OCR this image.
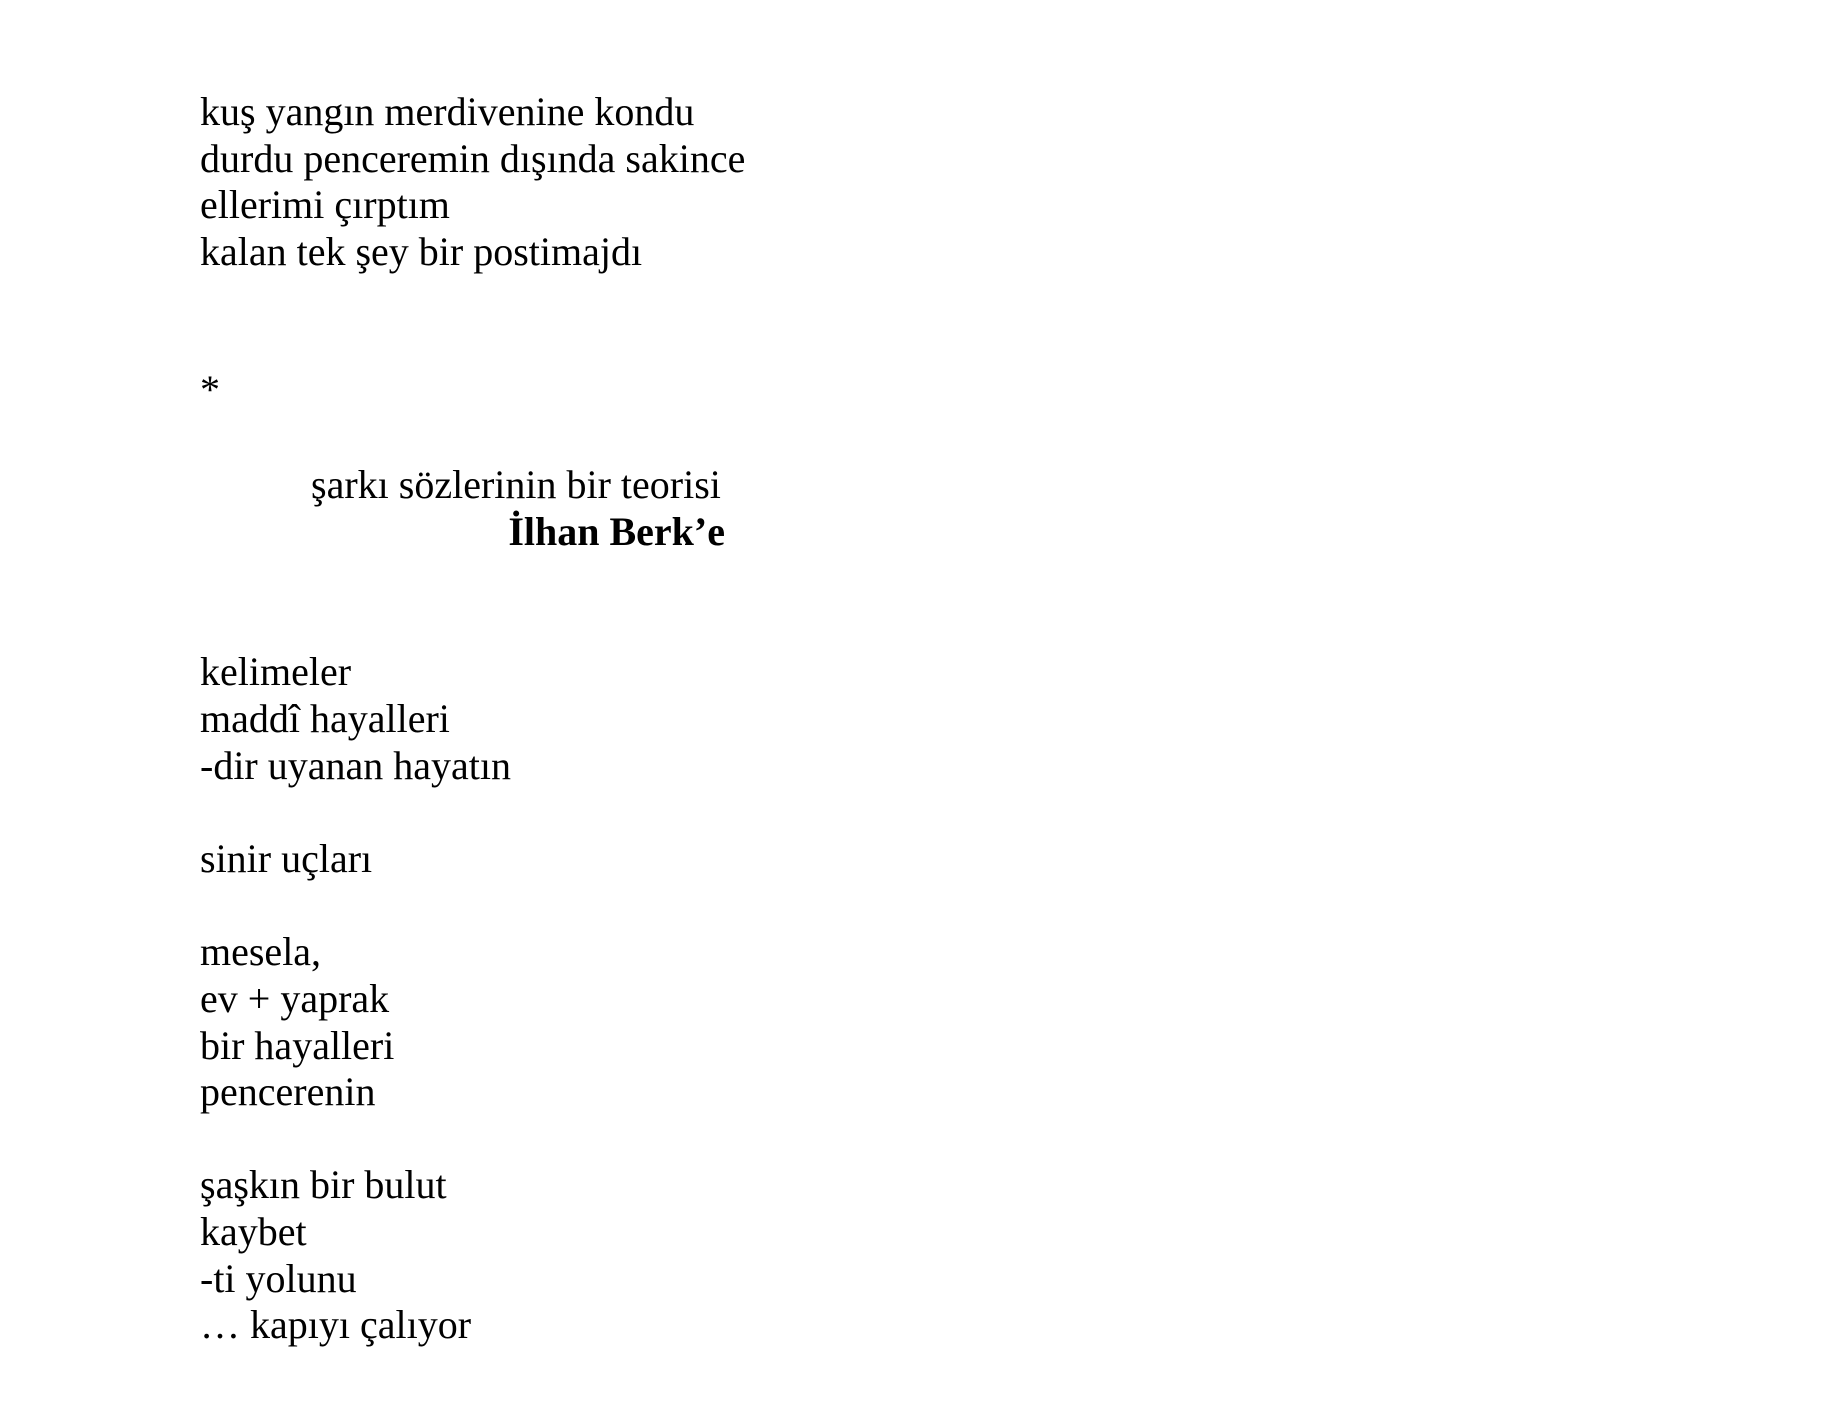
kuş yangın merdivenine kondu
durdu penceremin dışında sakince
ellerimi çırptım
kalan tek şey bir postimajdı
*
şarkı sözlerinin bir teorisi
İlhan Berk’e
kelimeler
maddî hayalleri
-dir uyanan hayatın
sinir uçları
mesela,
ev + yaprak
bir hayalleri
pencerenin
şaşkın bir bulut
kaybet
-ti yolunu
… kapıyı çalıyor
